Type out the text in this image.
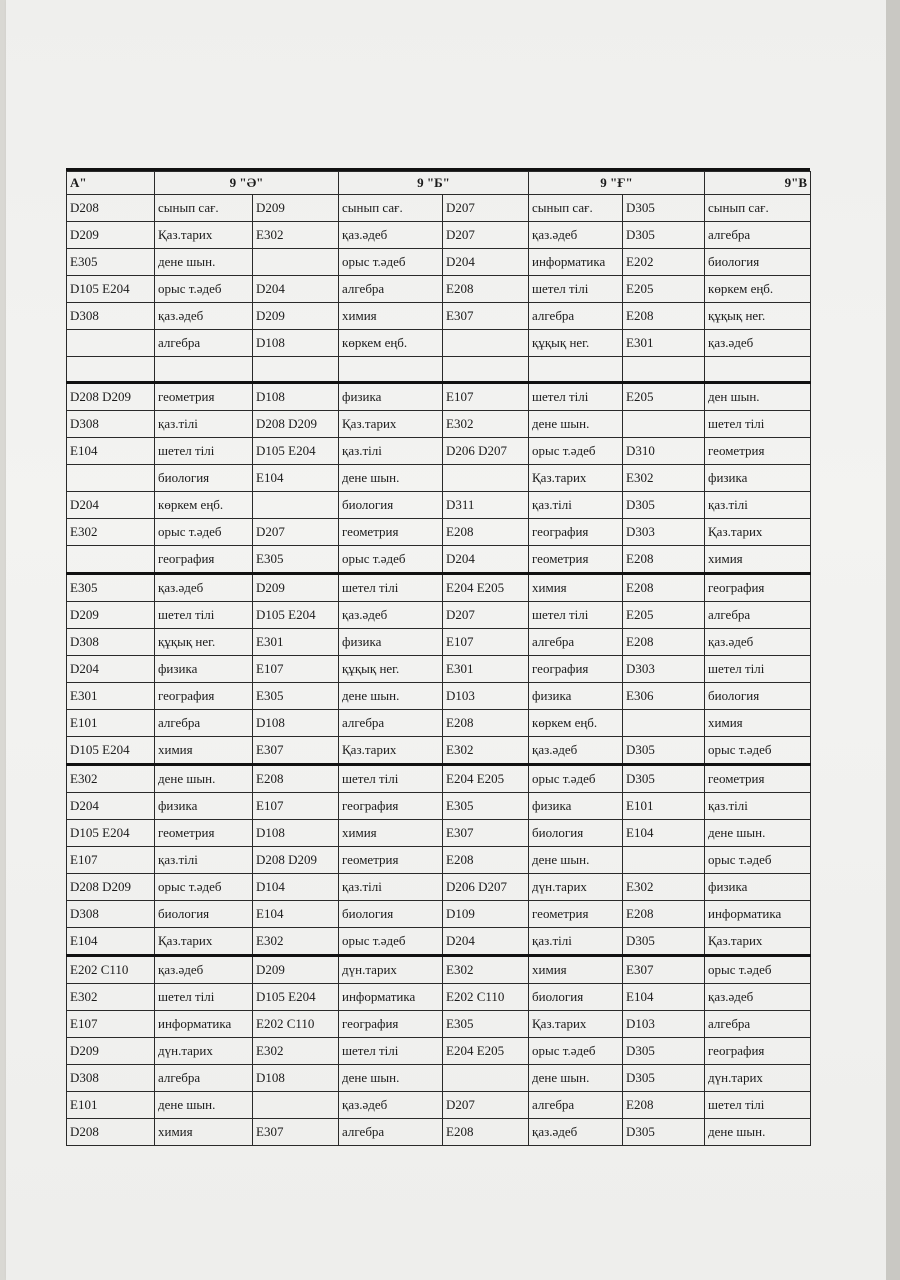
А"	9 "Ә"		9 "Б"		9 "Ғ"		9"В
D208	сынып сағ.	D209	сынып сағ.	D207	сынып сағ.	D305	сынып сағ.
D209	Қаз.тарих	E302	қаз.әдеб	D207	қаз.әдеб	D305	алгебра
E305	дене шын.		орыс т.әдеб	D204	информатика	E202	биология
D105 E204	орыс т.әдеб	D204	алгебра	E208	шетел тілі	E205	көркем еңб.
D308	қаз.әдеб	D209	химия	E307	алгебра	E208	құқық нег.
	алгебра	D108	көркем еңб.		құқық нег.	E301	қаз.әдеб

D208 D209	геометрия	D108	физика	E107	шетел тілі	E205	ден шын.
D308	қаз.тілі	D208 D209	Қаз.тарих	E302	дене шын.		шетел тілі
E104	шетел тілі	D105 E204	қаз.тілі	D206 D207	орыс т.әдеб	D310	геометрия
	биология	E104	дене шын.		Қаз.тарих	E302	физика
D204	көркем еңб.		биология	D311	қаз.тілі	D305	қаз.тілі
E302	орыс т.әдеб	D207	геометрия	E208	география	D303	Қаз.тарих
	география	E305	орыс т.әдеб	D204	геометрия	E208	химия
E305	қаз.әдеб	D209	шетел тілі	E204 E205	химия	E208	география
D209	шетел тілі	D105 E204	қаз.әдеб	D207	шетел тілі	E205	алгебра
D308	құқық нег.	E301	физика	E107	алгебра	E208	қаз.әдеб
D204	физика	E107	құқық нег.	E301	география	D303	шетел тілі
E301	география	E305	дене шын.	D103	физика	E306	биология
E101	алгебра	D108	алгебра	E208	көркем еңб.		химия
D105 E204	химия	E307	Қаз.тарих	E302	қаз.әдеб	D305	орыс т.әдеб
E302	дене шын.	E208	шетел тілі	E204 E205	орыс т.әдеб	D305	геометрия
D204	физика	E107	география	E305	физика	E101	қаз.тілі
D105 E204	геометрия	D108	химия	E307	биология	E104	дене шын.
E107	қаз.тілі	D208 D209	геометрия	E208	дене шын.		орыс т.әдеб
D208 D209	орыс т.әдеб	D104	қаз.тілі	D206 D207	дүн.тарих	E302	физика
D308	биология	E104	биология	D109	геометрия	E208	информатика
E104	Қаз.тарих	E302	орыс т.әдеб	D204	қаз.тілі	D305	Қаз.тарих
E202 C110	қаз.әдеб	D209	дүн.тарих	E302	химия	E307	орыс т.әдеб
E302	шетел тілі	D105 E204	информатика	E202 C110	биология	E104	қаз.әдеб
E107	информатика	E202 C110	география	E305	Қаз.тарих	D103	алгебра
D209	дүн.тарих	E302	шетел тілі	E204 E205	орыс т.әдеб	D305	география
D308	алгебра	D108	дене шын.		дене шын.	D305	дүн.тарих
E101	дене шын.		қаз.әдеб	D207	алгебра	E208	шетел тілі
D208	химия	E307	алгебра	E208	қаз.әдеб	D305	дене шын.
